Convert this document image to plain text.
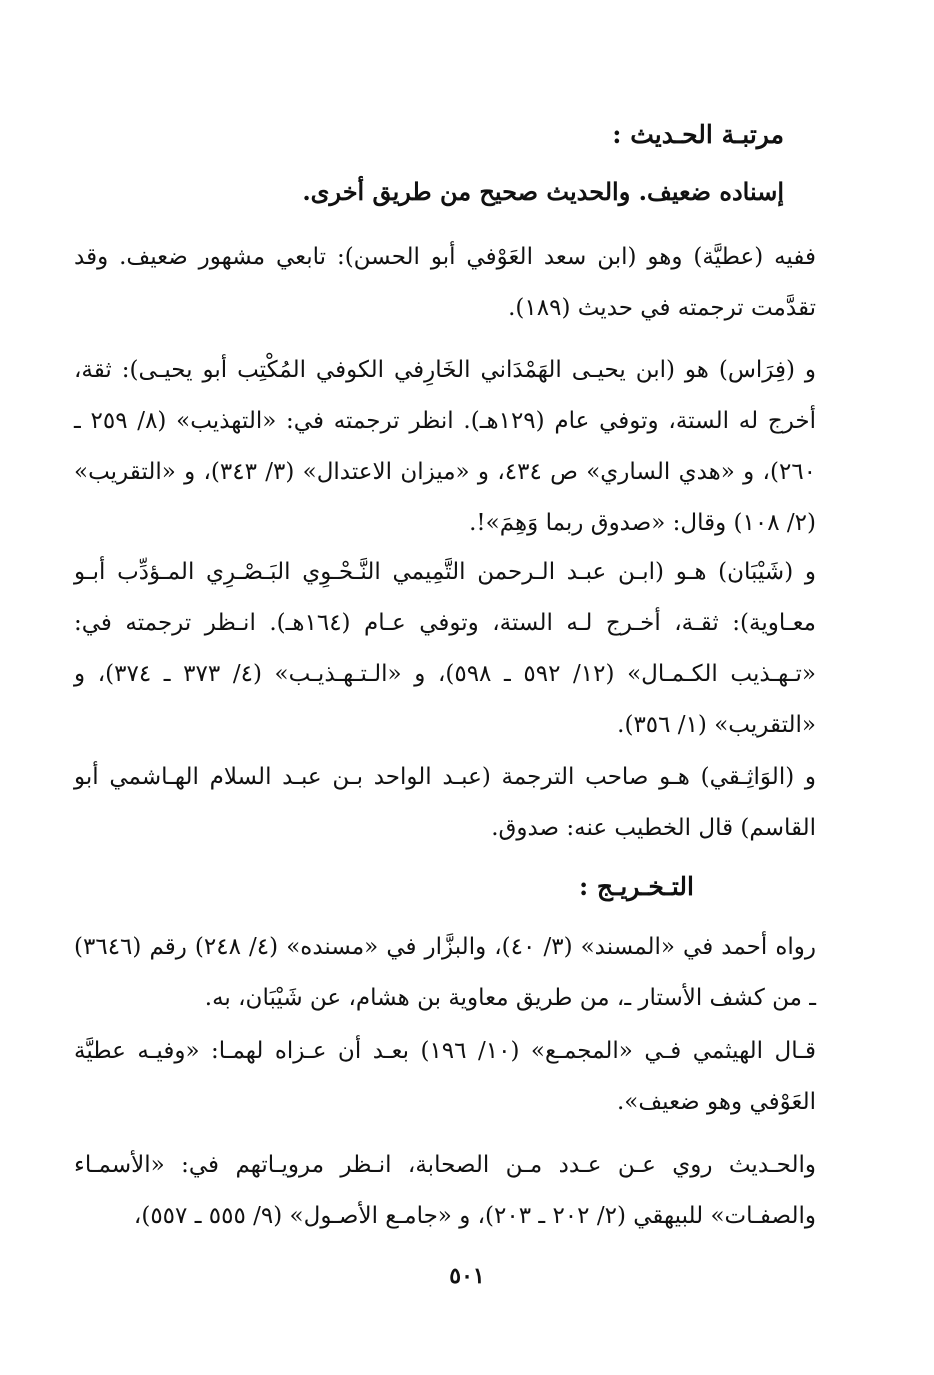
مرتبـة الحـديث :
إسناده ضعيف. والحديث صحيح من طريق أخرى.
ففيه (عطيَّة) وهو (ابن سعد العَوْفي أبو الحسن): تابعي مشهور ضعيف. وقد تقدَّمت ترجمته في حديث (١٨٩).
و (فِرَاس) هو (ابن يحيـى الهَمْدَاني الخَارِفي الكوفي المُكْتِب أبو يحيـى): ثقة، أخرج له الستة، وتوفي عام (١٢٩هـ). انظر ترجمته في: «التهذيب» (٨/ ٢٥٩ ـ ٢٦٠)، و «هدي الساري» ص ٤٣٤، و «ميزان الاعتدال» (٣/ ٣٤٣)، و «التقريب» (٢/ ١٠٨) وقال: «صدوق ربما وَهِمَ»!.
و (شَيْبَان) هـو (ابـن عبـد الـرحمن التَّمِيمي النَّـحْـوِي البَـصْـرِي المـؤدِّب أبـو معـاوية): ثقـة، أخـرج لـه الستة، وتوفي عـام (١٦٤هـ). انـظر ترجمته في: «تـهـذيب الكـمـال» (١٢/ ٥٩٢ ـ ٥٩٨)، و «الـتـهـذيـب» (٤/ ٣٧٣ ـ ٣٧٤)، و «التقريب» (١/ ٣٥٦).
و (الوَاثِـقي) هـو صاحب الترجمة (عبـد الواحد بـن عبـد السلام الهـاشمي أبو القاسم) قال الخطيب عنه: صدوق.
التـخـريـج :
رواه أحمد في «المسند» (٣/ ٤٠)، والبزَّار في «مسنده» (٤/ ٢٤٨) رقم (٣٦٤٦) ـ من كشف الأستار ـ، من طريق معاوية بن هشام، عن شَيْبَان، به.
قـال الهيثمي فـي «المجمـع» (١٠/ ١٩٦) بعـد أن عـزاه لهمـا: «وفيـه عطيَّة العَوْفي وهو ضعيف».
والحـديث روي عـن عـدد مـن الصحابة، انـظر مرويـاتهم في: «الأسمـاء والصفـات» للبيهقي (٢/ ٢٠٢ ـ ٢٠٣)، و «جامـع الأصـول» (٩/ ٥٥٥ ـ ٥٥٧)،
٥٠١
